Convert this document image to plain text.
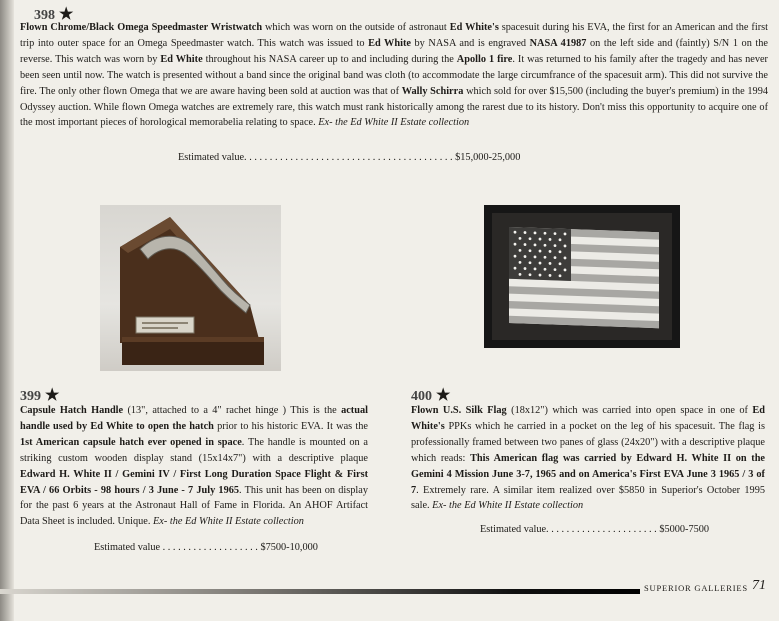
398 ★

Flown Chrome/Black Omega Speedmaster Wristwatch which was worn on the outside of astronaut Ed White's spacesuit during his EVA, the first for an American and the first trip into outer space for an Omega Speedmaster watch. This watch was issued to Ed White by NASA and is engraved NASA 41987 on the left side and (faintly) S/N 1 on the reverse. This watch was worn by Ed White throughout his NASA career up to and including during the Apollo 1 fire. It was returned to his family after the tragedy and has never been seen until now. The watch is presented without a band since the original band was cloth (to accommodate the large circumfrance of the spacesuit arm). This did not survive the fire. The only other flown Omega that we are aware having been sold at auction was that of Wally Schirra which sold for over $15,500 (including the buyer's premium) in the 1994 Odyssey auction. While flown Omega watches are extremely rare, this watch must rank historically among the rarest due to its history. Don't miss this opportunity to acquire one of the most important pieces of horological memorabelia relating to space. Ex- the Ed White II Estate collection

Estimated value. . . . . . . . . . . . . . . . . . . . . . . . . . . . . . . . . . . . . . . . . $15,000-25,000
399 ★

Capsule Hatch Handle (13", attached to a 4" rachet hinge ) This is the actual handle used by Ed White to open the hatch prior to his historic EVA. It was the 1st American capsule hatch ever opened in space. The handle is mounted on a striking custom wooden display stand (15x14x7") with a descriptive plaque Edward H. White II / Gemini IV / First Long Duration Space Flight & First EVA / 66 Orbits - 98 hours / 3 June - 7 July 1965. This unit has been on display for the past 6 years at the Astronaut Hall of Fame in Florida. An AHOF Artifact Data Sheet is included. Unique. Ex- the Ed White II Estate collection

Estimated value . . . . . . . . . . . . . . . . . . . $7500-10,000
400 ★

Flown U.S. Silk Flag (18x12") which was carried into open space in one of Ed White's PPKs which he carried in a pocket on the leg of his spacesuit. The flag is professionally framed between two panes of glass (24x20") with a descriptive plaque which reads: This American flag was carried by Edward H. White II on the Gemini 4 Mission June 3-7, 1965 and on America's First EVA June 3 1965 / 3 of 7. Extremely rare. A similar item realized over $5850 in Superior's October 1995 sale. Ex- the Ed White II Estate collection

Estimated value. . . . . . . . . . . . . . . . . . . . . . $5000-7500
SUPERIOR GALLERIES 71
